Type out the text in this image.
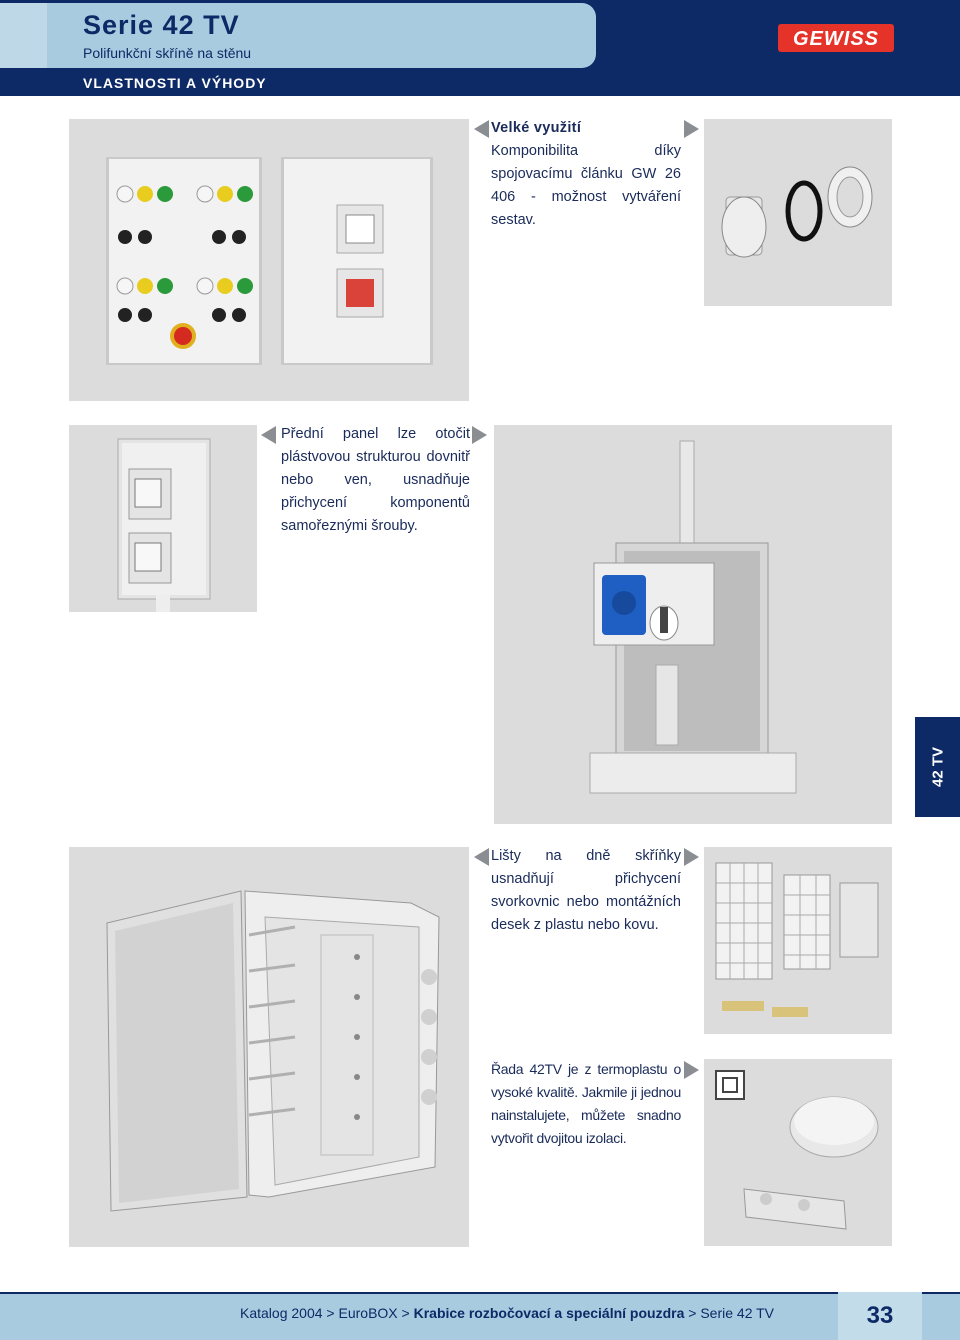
Serie 42 TV
Polifunkční skříně na stěnu
VLASTNOSTI A VÝHODY
GEWISS
Velké využití
Komponibilita díky spojovacímu článku GW 26 406 - možnost vytváření sestav.
Přední panel lze otočit plástvovou strukturou dovnitř nebo ven, usnadňuje přichycení komponentů samořeznými šrouby.
42 TV
Lišty na dně skříňky usnadňují přichycení svorkovnic nebo montážních desek z plastu nebo kovu.
Řada 42TV je z termoplastu o vysoké kvalitě. Jakmile ji jednou nainstalujete, můžete snadno vytvořit dvojitou izolaci.
Katalog 2004 > EuroBOX > Krabice rozbočovací a speciální pouzdra > Serie 42 TV	33
